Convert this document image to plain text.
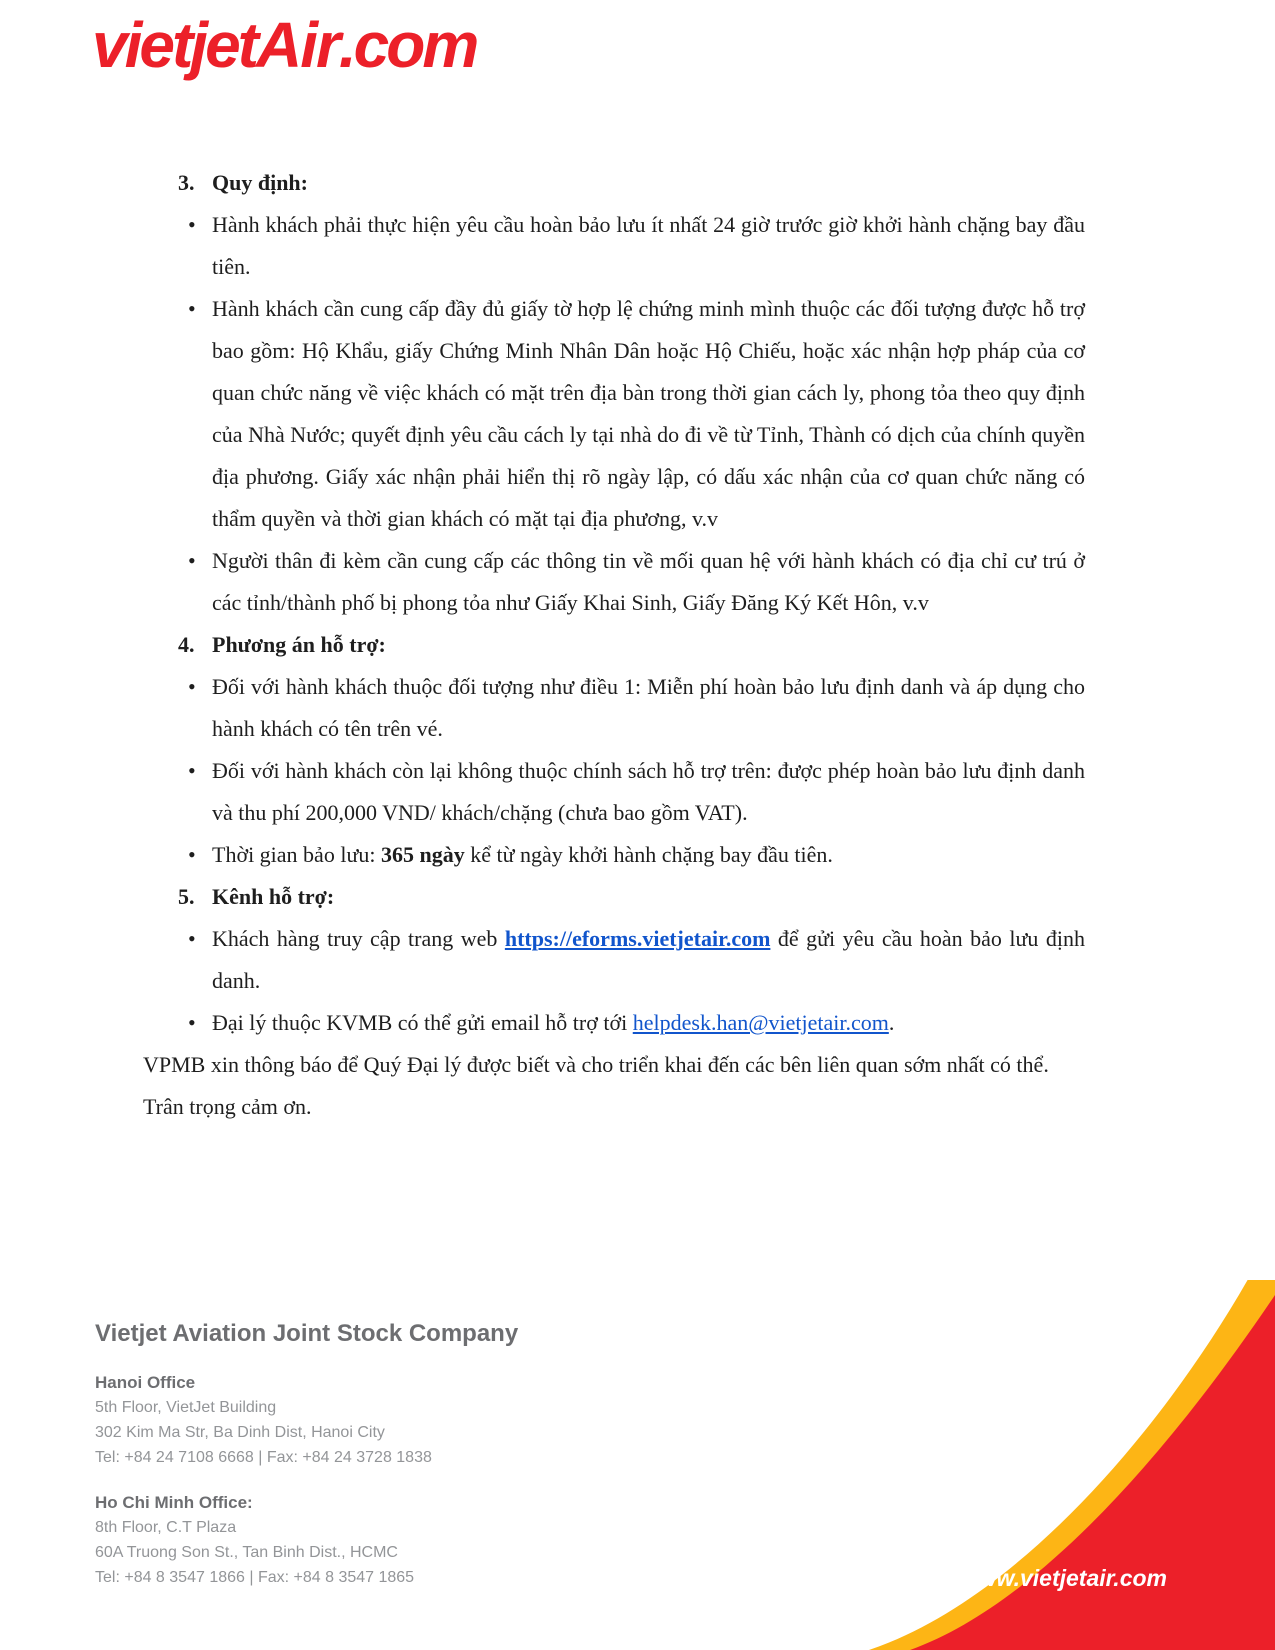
vietjetAir.com
3. Quy định:
• Hành khách phải thực hiện yêu cầu hoàn bảo lưu ít nhất 24 giờ trước giờ khởi hành chặng bay đầu tiên.
• Hành khách cần cung cấp đầy đủ giấy tờ hợp lệ chứng minh mình thuộc các đối tượng được hỗ trợ bao gồm: Hộ Khẩu, giấy Chứng Minh Nhân Dân hoặc Hộ Chiếu, hoặc xác nhận hợp pháp của cơ quan chức năng về việc khách có mặt trên địa bàn trong thời gian cách ly, phong tỏa theo quy định của Nhà Nước; quyết định yêu cầu cách ly tại nhà do đi về từ Tỉnh, Thành có dịch của chính quyền địa phương. Giấy xác nhận phải hiển thị rõ ngày lập, có dấu xác nhận của cơ quan chức năng có thẩm quyền và thời gian khách có mặt tại địa phương, v.v
• Người thân đi kèm cần cung cấp các thông tin về mối quan hệ với hành khách có địa chỉ cư trú ở các tỉnh/thành phố bị phong tỏa như Giấy Khai Sinh, Giấy Đăng Ký Kết Hôn, v.v
4. Phương án hỗ trợ:
• Đối với hành khách thuộc đối tượng như điều 1: Miễn phí hoàn bảo lưu định danh và áp dụng cho hành khách có tên trên vé.
• Đối với hành khách còn lại không thuộc chính sách hỗ trợ trên: được phép hoàn bảo lưu định danh và thu phí 200,000 VND/ khách/chặng (chưa bao gồm VAT).
• Thời gian bảo lưu: 365 ngày kể từ ngày khởi hành chặng bay đầu tiên.
5. Kênh hỗ trợ:
• Khách hàng truy cập trang web https://eforms.vietjetair.com để gửi yêu cầu hoàn bảo lưu định danh.
• Đại lý thuộc KVMB có thể gửi email hỗ trợ tới helpdesk.han@vietjetair.com.
VPMB xin thông báo để Quý Đại lý được biết và cho triển khai đến các bên liên quan sớm nhất có thể.
Trân trọng cảm ơn.
www.vietjetair.com
Vietjet Aviation Joint Stock Company
Hanoi Office
5th Floor, VietJet Building
302 Kim Ma Str, Ba Dinh Dist, Hanoi City
Tel: +84 24 7108 6668 | Fax: +84 24 3728 1838
Ho Chi Minh Office:
8th Floor, C.T Plaza
60A Truong Son St., Tan Binh Dist., HCMC
Tel: +84 8 3547 1866 | Fax: +84 8 3547 1865
